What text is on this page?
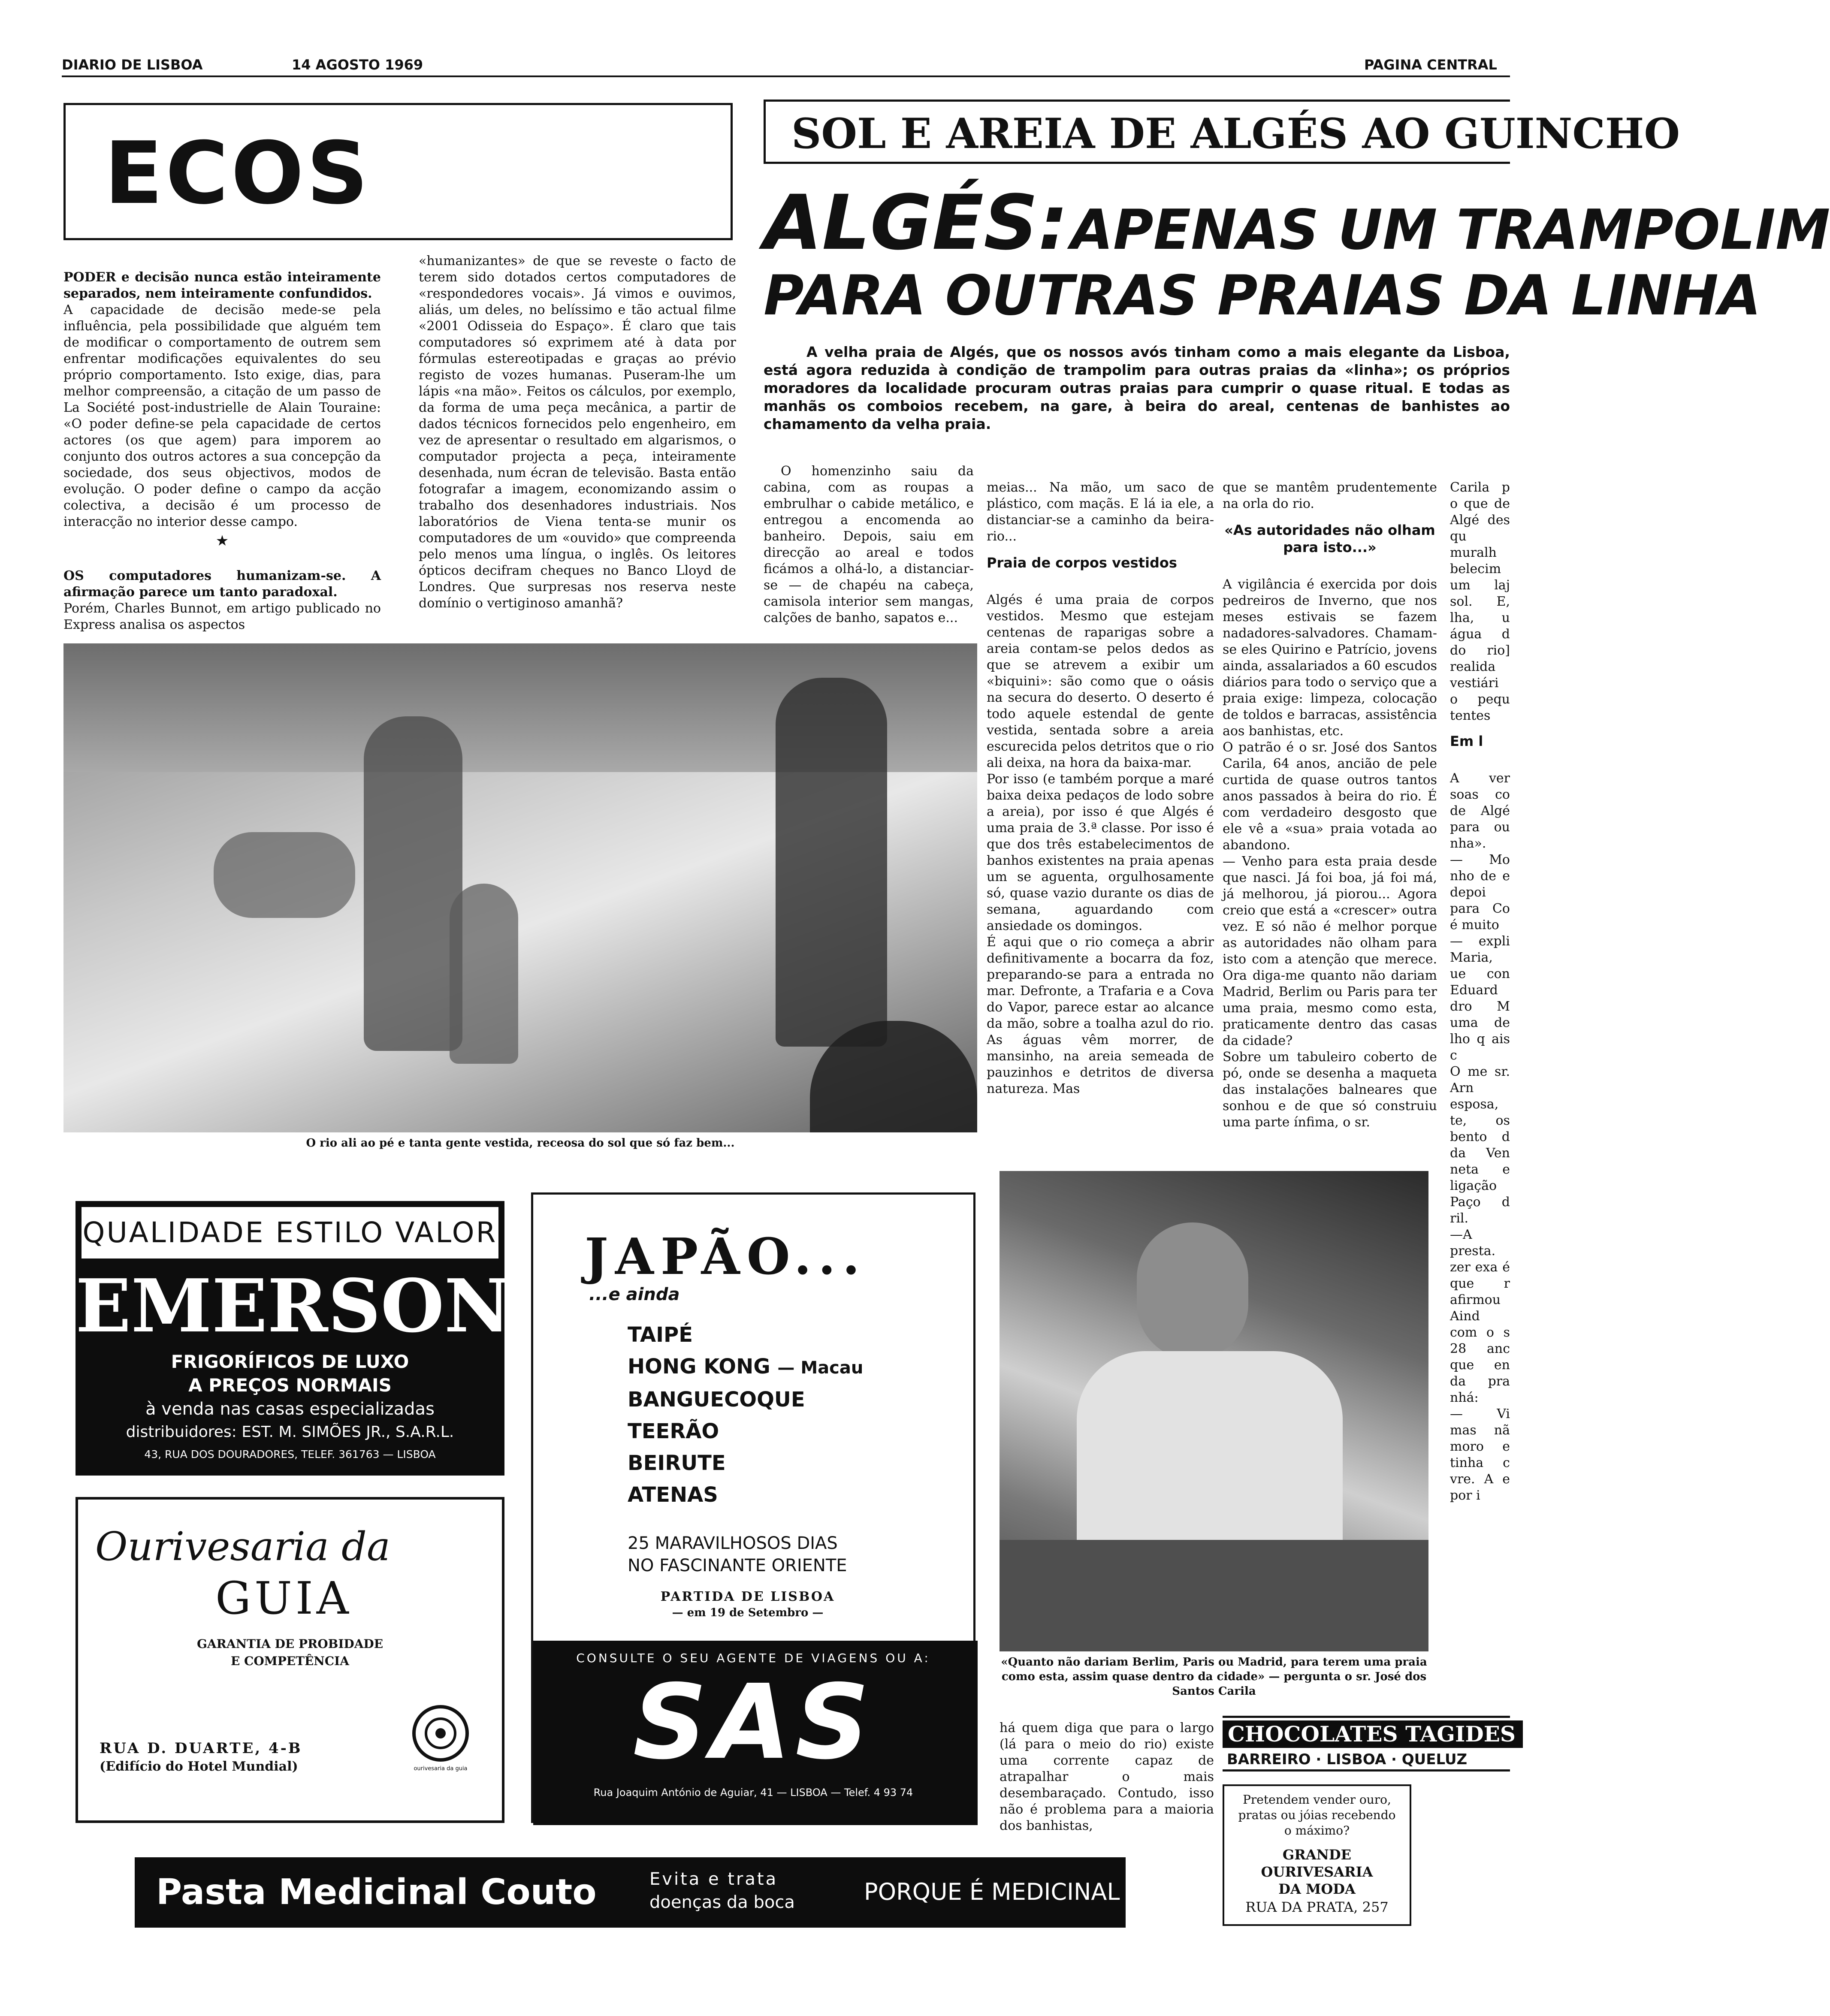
DIARIO DE LISBOA	14 AGOSTO 1969	PAGINA CENTRAL
ECOS

PODER e decisão nunca estão inteiramente separados, nem inteiramente confundidos.
A capacidade de decisão mede-se pela influência, pela possibilidade que alguém tem de modificar o comportamento de outrem sem enfrentar modificações equivalentes do seu próprio comportamento. Isto exige, dias, para melhor compreensão, a citação de um passo de La Société post-industrielle de Alain Touraine: «O poder define-se pela capacidade de certos actores (os que agem) para imporem ao conjunto dos outros actores a sua concepção da sociedade, dos seus objectivos, modos de evolução. O poder define o campo da acção colectiva, a decisão é um processo de interacção no interior desse campo.

★

OS computadores humanizam-se. A afirmação parece um tanto paradoxal.
Porém, Charles Bunnot, em artigo publicado no Express analisa os aspectos

«humanizantes» de que se reveste o facto de terem sido dotados certos computadores de «respondedores vocais». Já vimos e ouvimos, aliás, um deles, no belíssimo e tão actual filme «2001 Odisseia do Espaço». É claro que tais computadores só exprimem até à data por fórmulas estereotipadas e graças ao prévio registo de vozes humanas. Puseram-lhe um lápis «na mão». Feitos os cálculos, por exemplo, da forma de uma peça mecânica, a partir de dados técnicos fornecidos pelo engenheiro, em vez de apresentar o resultado em algarismos, o computador projecta a peça, inteiramente desenhada, num écran de televisão. Basta então fotografar a imagem, economizando assim o trabalho dos desenhadores industriais. Nos laboratórios de Viena tenta-se munir os computadores de um «ouvido» que compreenda pelo menos uma língua, o inglês. Os leitores ópticos decifram cheques no Banco Lloyd de Londres. Que surpresas nos reserva neste domínio o vertiginoso amanhã?
SOL E AREIA DE ALGÉS AO GUINCHO
ALGÉS: APENAS UM TRAMPOLIM
PARA OUTRAS PRAIAS DA LINHA
A velha praia de Algés, que os nossos avós tinham como a mais elegante da Lisboa, está agora reduzida à condição de trampolim para outras praias da «linha»; os próprios moradores da localidade procuram outras praias para cumprir o quase ritual. E todas as manhãs os comboios recebem, na gare, à beira do areal, centenas de banhistes ao chamamento da velha praia.
O homenzinho saiu da cabina, com as roupas a embrulhar o cabide metálico, e entregou a encomenda ao banheiro. Depois, saiu em direcção ao areal e todos ficámos a olhá-lo, a distanciar-se — de chapéu na cabeça, camisola interior sem mangas, calções de banho, sapatos e...

meias... Na mão, um saco de plástico, com maçãs. E lá ia ele, a distanciar-se a caminho da beira-rio...

Praia de corpos vestidos

Algés é uma praia de corpos vestidos. Mesmo que estejam centenas de raparigas sobre a areia contam-se pelos dedos as que se atrevem a exibir um «biquini»: são como que o oásis na secura do deserto. O deserto é todo aquele estendal de gente vestida, sentada sobre a areia escurecida pelos detritos que o rio ali deixa, na hora da baixa-mar.
Por isso (e também porque a maré baixa deixa pedaços de lodo sobre a areia), por isso é que Algés é uma praia de 3.ª classe. Por isso é que dos três estabelecimentos de banhos existentes na praia apenas um se aguenta, orgulhosamente só, quase vazio durante os dias de semana, aguardando com ansiedade os domingos.
É aqui que o rio começa a abrir definitivamente a bocarra da foz, preparando-se para a entrada no mar. Defronte, a Trafaria e a Cova do Vapor, parece estar ao alcance da mão, sobre a toalha azul do rio. As águas vêm morrer, de mansinho, na areia semeada de pauzinhos e detritos de diversa natureza. Mas

que se mantêm prudentemente na orla do rio.

«As autoridades não olham para isto...»

A vigilância é exercida por dois pedreiros de Inverno, que nos meses estivais se fazem nadadores-salvadores. Chamam-se eles Quirino e Patrício, jovens ainda, assalariados a 60 escudos diários para todo o serviço que a praia exige: limpeza, colocação de toldos e barracas, assistência aos banhistas, etc.
O patrão é o sr. José dos Santos Carila, 64 anos, ancião de pele curtida de quase outros tantos anos passados à beira do rio. É com verdadeiro desgosto que ele vê a «sua» praia votada ao abandono.
— Venho para esta praia desde que nasci. Já foi boa, já foi má, já melhorou, já piorou... Agora creio que está a «crescer» outra vez. E só não é melhor porque as autoridades não olham para isto com a atenção que merece. Ora diga-me quanto não dariam Madrid, Berlim ou Paris para ter uma praia, mesmo como esta, praticamente dentro das casas da cidade?
Sobre um tabuleiro coberto de pó, onde se desenha a maqueta das instalações balneares que sonhou e de que só construiu uma parte ínfima, o sr.

Carila p o que de Algé des qu muralh belecim um laj sol. E, lha, u água d do rio] realida vestiári o pequ tentes

Em l

A ver soas co de Algé para ou nha».
— Mo nho de e depoi para Co é muito
— expli Maria, ue con Eduard dro M uma de lho q ais c
O me sr. Arn esposa, te, os bento d da Ven neta e ligação Paço d ril.
—A presta. zer exa é que r afirmou
Aind com o s 28 anc que en da pra nhá:
— Vi mas nã moro e tinha c vre. A e por i

O rio ali ao pé e tanta gente vestida, receosa do sol que só faz bem...
«Quanto não dariam Berlim, Paris ou Madrid, para terem uma praia como esta, assim quase dentro da cidade» — pergunta o sr. José dos Santos Carila
há quem diga que para o largo (lá para o meio do rio) existe uma corrente capaz de atrapalhar o mais desembaraçado. Contudo, isso não é problema para a maioria dos banhistas,
QUALIDADE ESTILO VALOR
EMERSON
FRIGORÍFICOS DE LUXO
A PREÇOS NORMAIS
à venda nas casas especializadas
distribuidores: EST. M. SIMÕES JR., S.A.R.L.
43, RUA DOS DOURADORES, TELEF. 361763 — LISBOA
Ourivesaria da
GUIA
GARANTIA DE PROBIDADE
E COMPETÊNCIA
RUA D. DUARTE, 4-B
(Edifício do Hotel Mundial)	ourivesaria da guia
JAPÃO...
...e ainda
TAIPÉ
HONG KONG — Macau
BANGUECOQUE
TEERÃO
BEIRUTE
ATENAS
25 MARAVILHOSOS DIAS
NO FASCINANTE ORIENTE
PARTIDA DE LISBOA
— em 19 de Setembro —
CONSULTE O SEU AGENTE DE VIAGENS OU A:
SAS
Rua Joaquim António de Aguiar, 41 — LISBOA — Telef. 4 93 74
Pasta Medicinal Couto	Evita e trata
doenças da boca	PORQUE É MEDICINAL
CHOCOLATES TAGIDES
BARREIRO · LISBOA · QUELUZ
Pretendem vender ouro,
pratas ou jóias recebendo
o máximo?
GRANDE OURIVESARIA
DA MODA
RUA DA PRATA, 257
